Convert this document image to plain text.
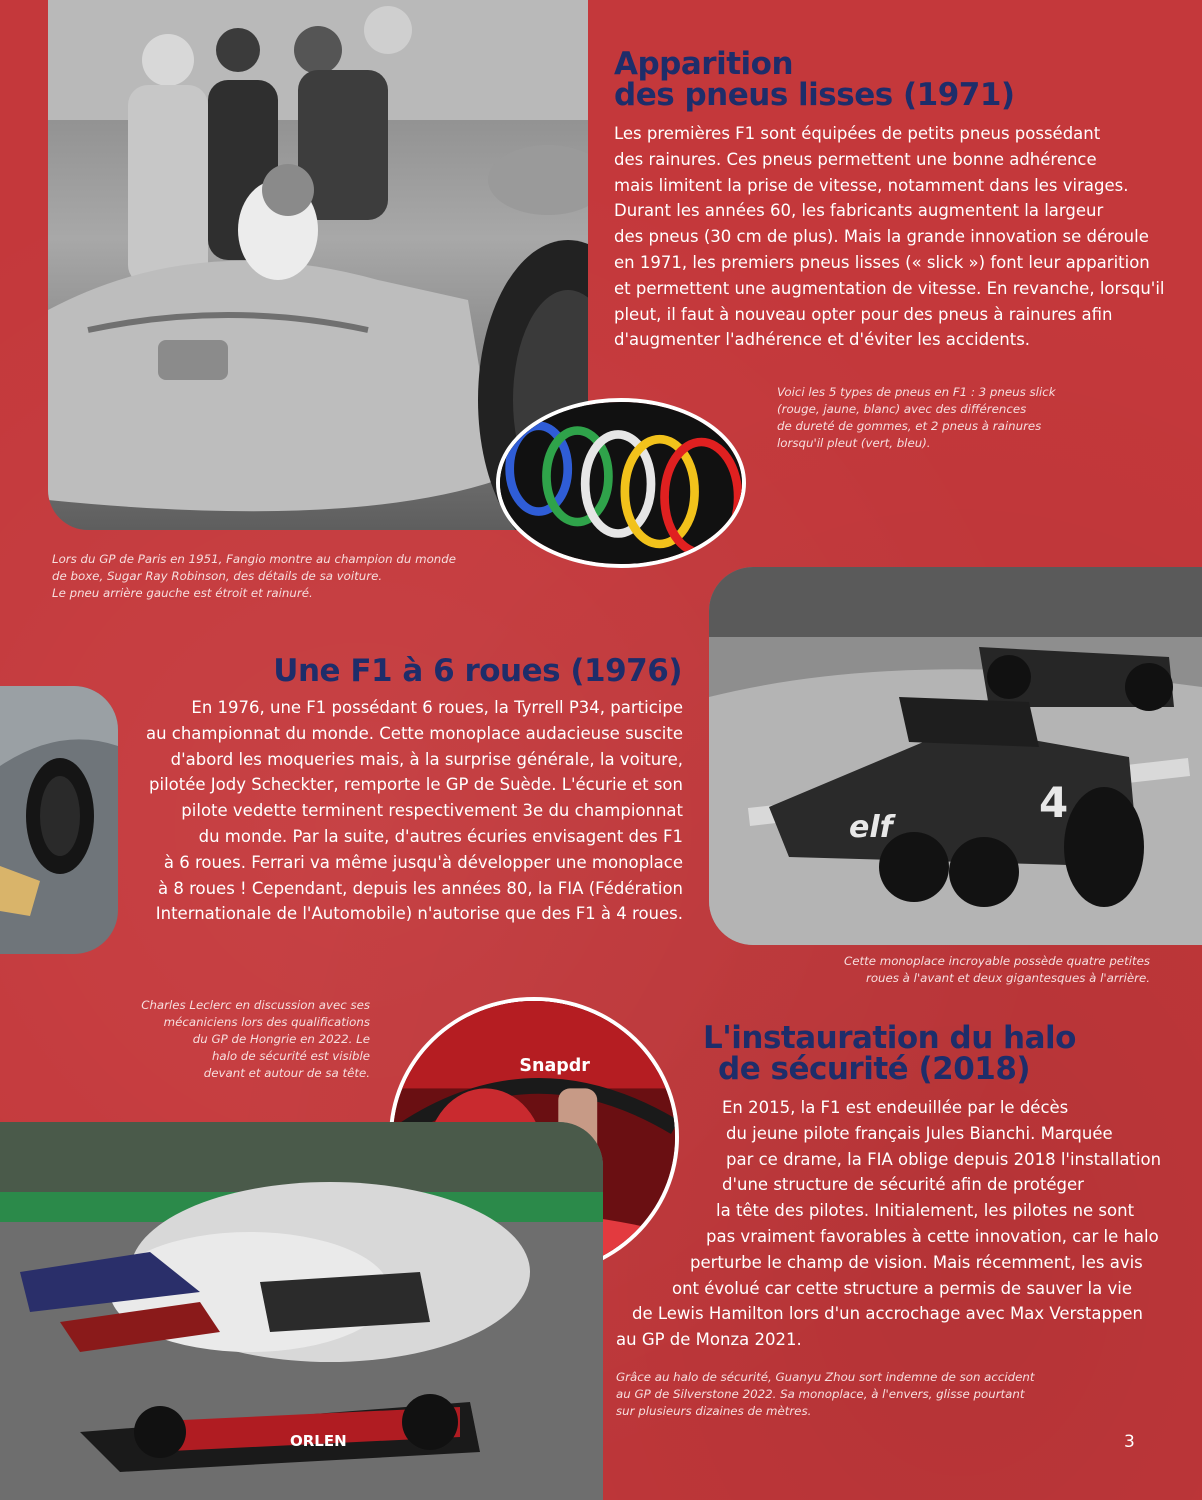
elf
4
Snapdr
ORLEN
Apparition
des pneus lisses (1971)
Les premières F1 sont équipées de petits pneus possédant
des rainures. Ces pneus permettent une bonne adhérence
mais limitent la prise de vitesse, notamment dans les virages.
Durant les années 60, les fabricants augmentent la largeur
des pneus (30 cm de plus). Mais la grande innovation se déroule
en 1971, les premiers pneus lisses (« slick ») font leur apparition
et permettent une augmentation de vitesse. En revanche, lorsqu'il
pleut, il faut à nouveau opter pour des pneus à rainures afin
d'augmenter l'adhérence et d'éviter les accidents.
Voici les 5 types de pneus en F1 : 3 pneus slick
(rouge, jaune, blanc) avec des différences
de dureté de gommes, et 2 pneus à rainures
lorsqu'il pleut (vert, bleu).
Lors du GP de Paris en 1951, Fangio montre au champion du monde
de boxe, Sugar Ray Robinson, des détails de sa voiture.
Le pneu arrière gauche est étroit et rainuré.
Une F1 à 6 roues (1976)
En 1976, une F1 possédant 6 roues, la Tyrrell P34, participe
au championnat du monde. Cette monoplace audacieuse suscite
d'abord les moqueries mais, à la surprise générale, la voiture,
pilotée Jody Scheckter, remporte le GP de Suède. L'écurie et son
pilote vedette terminent respectivement 3e du championnat
du monde. Par la suite, d'autres écuries envisagent des F1
à 6 roues. Ferrari va même jusqu'à développer une monoplace
à 8 roues ! Cependant, depuis les années 80, la FIA (Fédération
Internationale de l'Automobile) n'autorise que des F1 à 4 roues.
Cette monoplace incroyable possède quatre petites
roues à l'avant et deux gigantesques à l'arrière.
Charles Leclerc en discussion avec ses
mécaniciens lors des qualifications
du GP de Hongrie en 2022. Le
halo de sécurité est visible
devant et autour de sa tête.
L'instauration du halo
de sécurité (2018)
En 2015, la F1 est endeuillée par le décès
du jeune pilote français Jules Bianchi. Marquée
par ce drame, la FIA oblige depuis 2018 l'installation
d'une structure de sécurité afin de protéger
la tête des pilotes. Initialement, les pilotes ne sont
pas vraiment favorables à cette innovation, car le halo
perturbe le champ de vision. Mais récemment, les avis
ont évolué car cette structure a permis de sauver la vie
de Lewis Hamilton lors d'un accrochage avec Max Verstappen
au GP de Monza 2021.
Grâce au halo de sécurité, Guanyu Zhou sort indemne de son accident
au GP de Silverstone 2022. Sa monoplace, à l'envers, glisse pourtant
sur plusieurs dizaines de mètres.
3
